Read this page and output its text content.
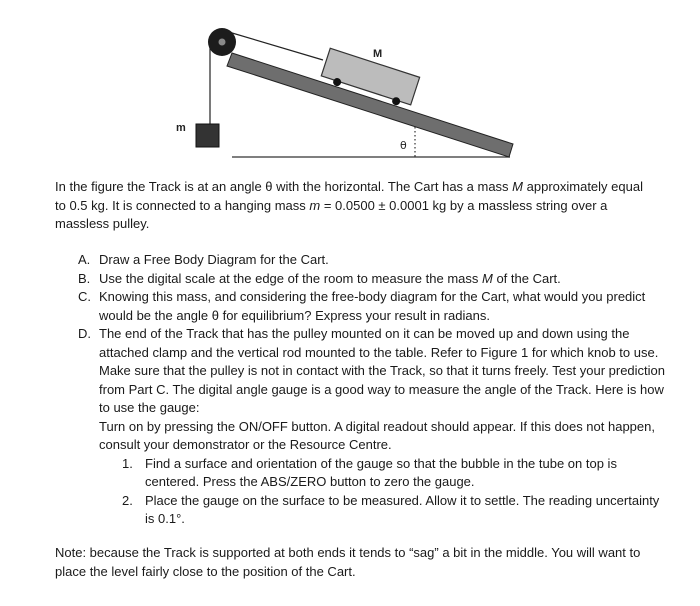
m
M
θ

In the figure the Track is at an angle θ with the horizontal. The Cart has a mass M approximately equal to 0.5 kg. It is connected to a hanging mass m = 0.0500 ± 0.0001 kg by a massless string over a massless pulley.

A. Draw a Free Body Diagram for the Cart.
B. Use the digital scale at the edge of the room to measure the mass M of the Cart.
C. Knowing this mass, and considering the free-body diagram for the Cart, what would you predict would be the angle θ for equilibrium? Express your result in radians.
D. The end of the Track that has the pulley mounted on it can be moved up and down using the attached clamp and the vertical rod mounted to the table. Refer to Figure 1 for which knob to use. Make sure that the pulley is not in contact with the Track, so that it turns freely. Test your prediction from Part C. The digital angle gauge is a good way to measure the angle of the Track. Here is how to use the gauge:
Turn on by pressing the ON/OFF button. A digital readout should appear. If this does not happen, consult your demonstrator or the Resource Centre.
1. Find a surface and orientation of the gauge so that the bubble in the tube on top is centered. Press the ABS/ZERO button to zero the gauge.
2. Place the gauge on the surface to be measured. Allow it to settle. The reading uncertainty is 0.1°.

Note: because the Track is supported at both ends it tends to “sag” a bit in the middle. You will want to place the level fairly close to the position of the Cart.
